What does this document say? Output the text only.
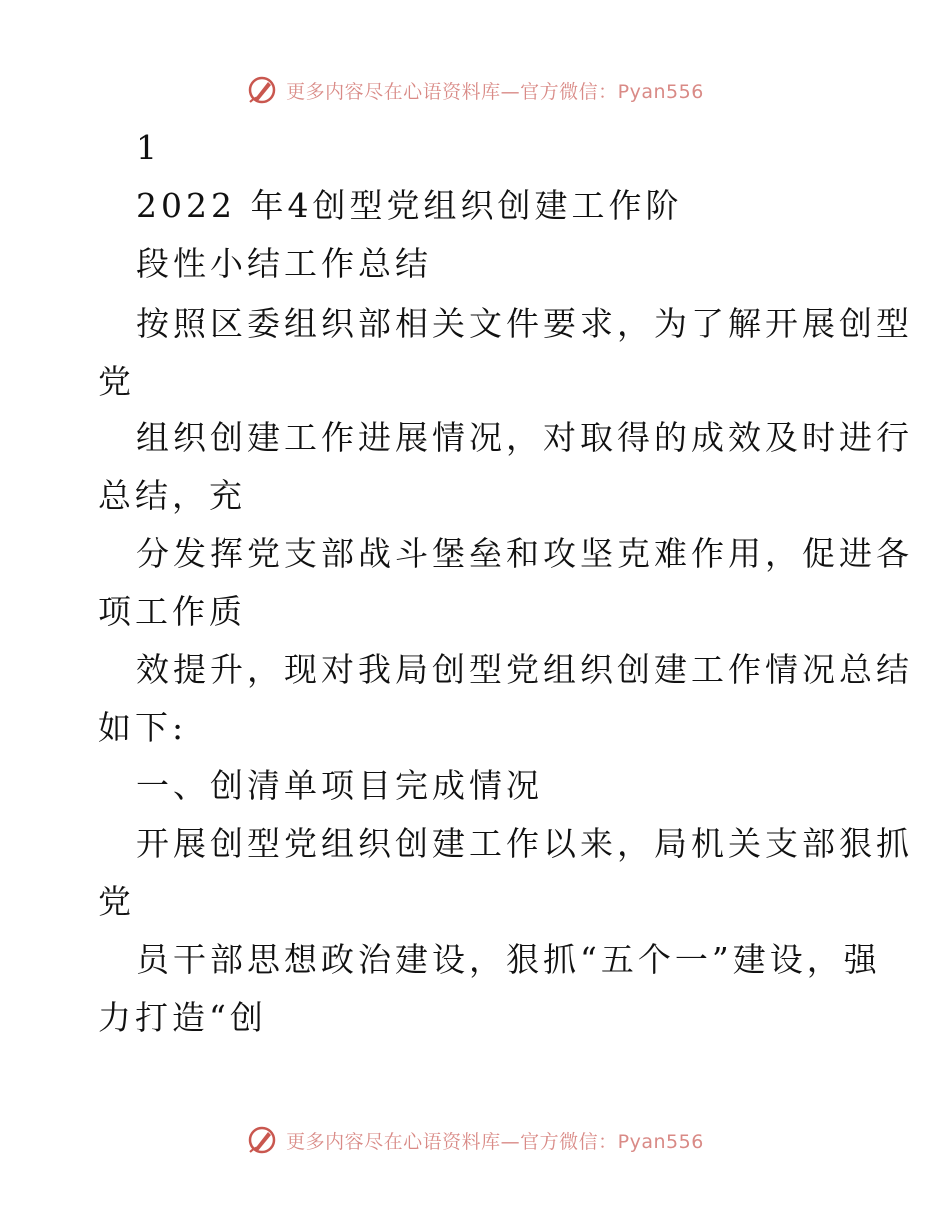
更多内容尽在心语资料库—官方微信：Pyan556
1
2022 年4创型党组织创建工作阶
段性小结工作总结
按照区委组织部相关文件要求，为了解开展创型
党
组织创建工作进展情况，对取得的成效及时进行
总结，充
分发挥党支部战斗堡垒和攻坚克难作用，促进各
项工作质
效提升，现对我局创型党组织创建工作情况总结
如下:
一、创清单项目完成情况
开展创型党组织创建工作以来，局机关支部狠抓
党
员干部思想政治建设，狠抓“五个一”建设，强
力打造“创
更多内容尽在心语资料库—官方微信：Pyan556
